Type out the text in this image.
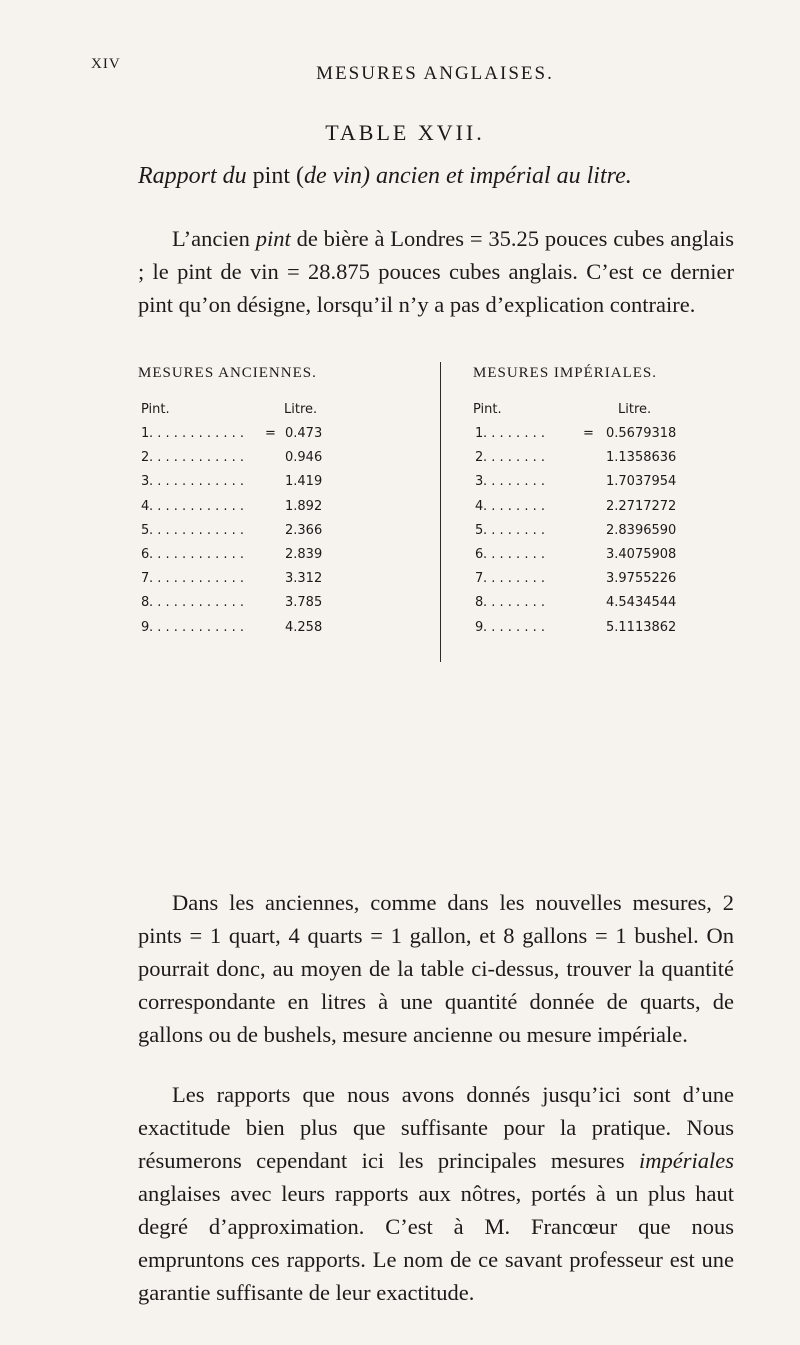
XIV	MESURES ANGLAISES.
TABLE XVII.
Rapport du pint (de vin) ancien et impérial au litre.

L’ancien pint de bière à Londres = 35.25 pouces cubes anglais ; le pint de vin = 28.875 pouces cubes anglais. C’est ce dernier pint qu’on désigne, lorsqu’il n’y a pas d’explication contraire.

MESURES ANCIENNES.	MESURES IMPÉRIALES.
Pint.	Litre.
1 . . . . . . . . . . . . = 0.473
2 . . . . . . . . . . . .	0.946
3 . . . . . . . . . . . .	1.419
4 . . . . . . . . . . . .	1.892
5 . . . . . . . . . . . .	2.366
6 . . . . . . . . . . . .	2.839
7 . . . . . . . . . . . .	3.312
8 . . . . . . . . . . . .	3.785
9 . . . . . . . . . . . .	4.258
Pint.	Litre.
1 . . . . . . . .	= 0.5679318
2 . . . . . . . .	1.1358636
3 . . . . . . . .	1.7037954
4 . . . . . . . .	2.2717272
5 . . . . . . . .	2.8396590
6 . . . . . . . .	3.4075908
7 . . . . . . . .	3.9755226
8 . . . . . . . .	4.5434544
9 . . . . . . . .	5.1113862

Dans les anciennes, comme dans les nouvelles mesures, 2 pints = 1 quart, 4 quarts = 1 gallon, et 8 gallons = 1 bushel. On pourrait donc, au moyen de la table ci-dessus, trouver la quantité correspondante en litres à une quantité donnée de quarts, de gallons ou de bushels, mesure ancienne ou mesure impériale.

Les rapports que nous avons donnés jusqu’ici sont d’une exactitude bien plus que suffisante pour la pratique. Nous résumerons cependant ici les principales mesures impériales anglaises avec leurs rapports aux nôtres, portés à un plus haut degré d’approximation. C’est à M. Francœur que nous empruntons ces rapports. Le nom de ce savant professeur est une garantie suffisante de leur exactitude.
